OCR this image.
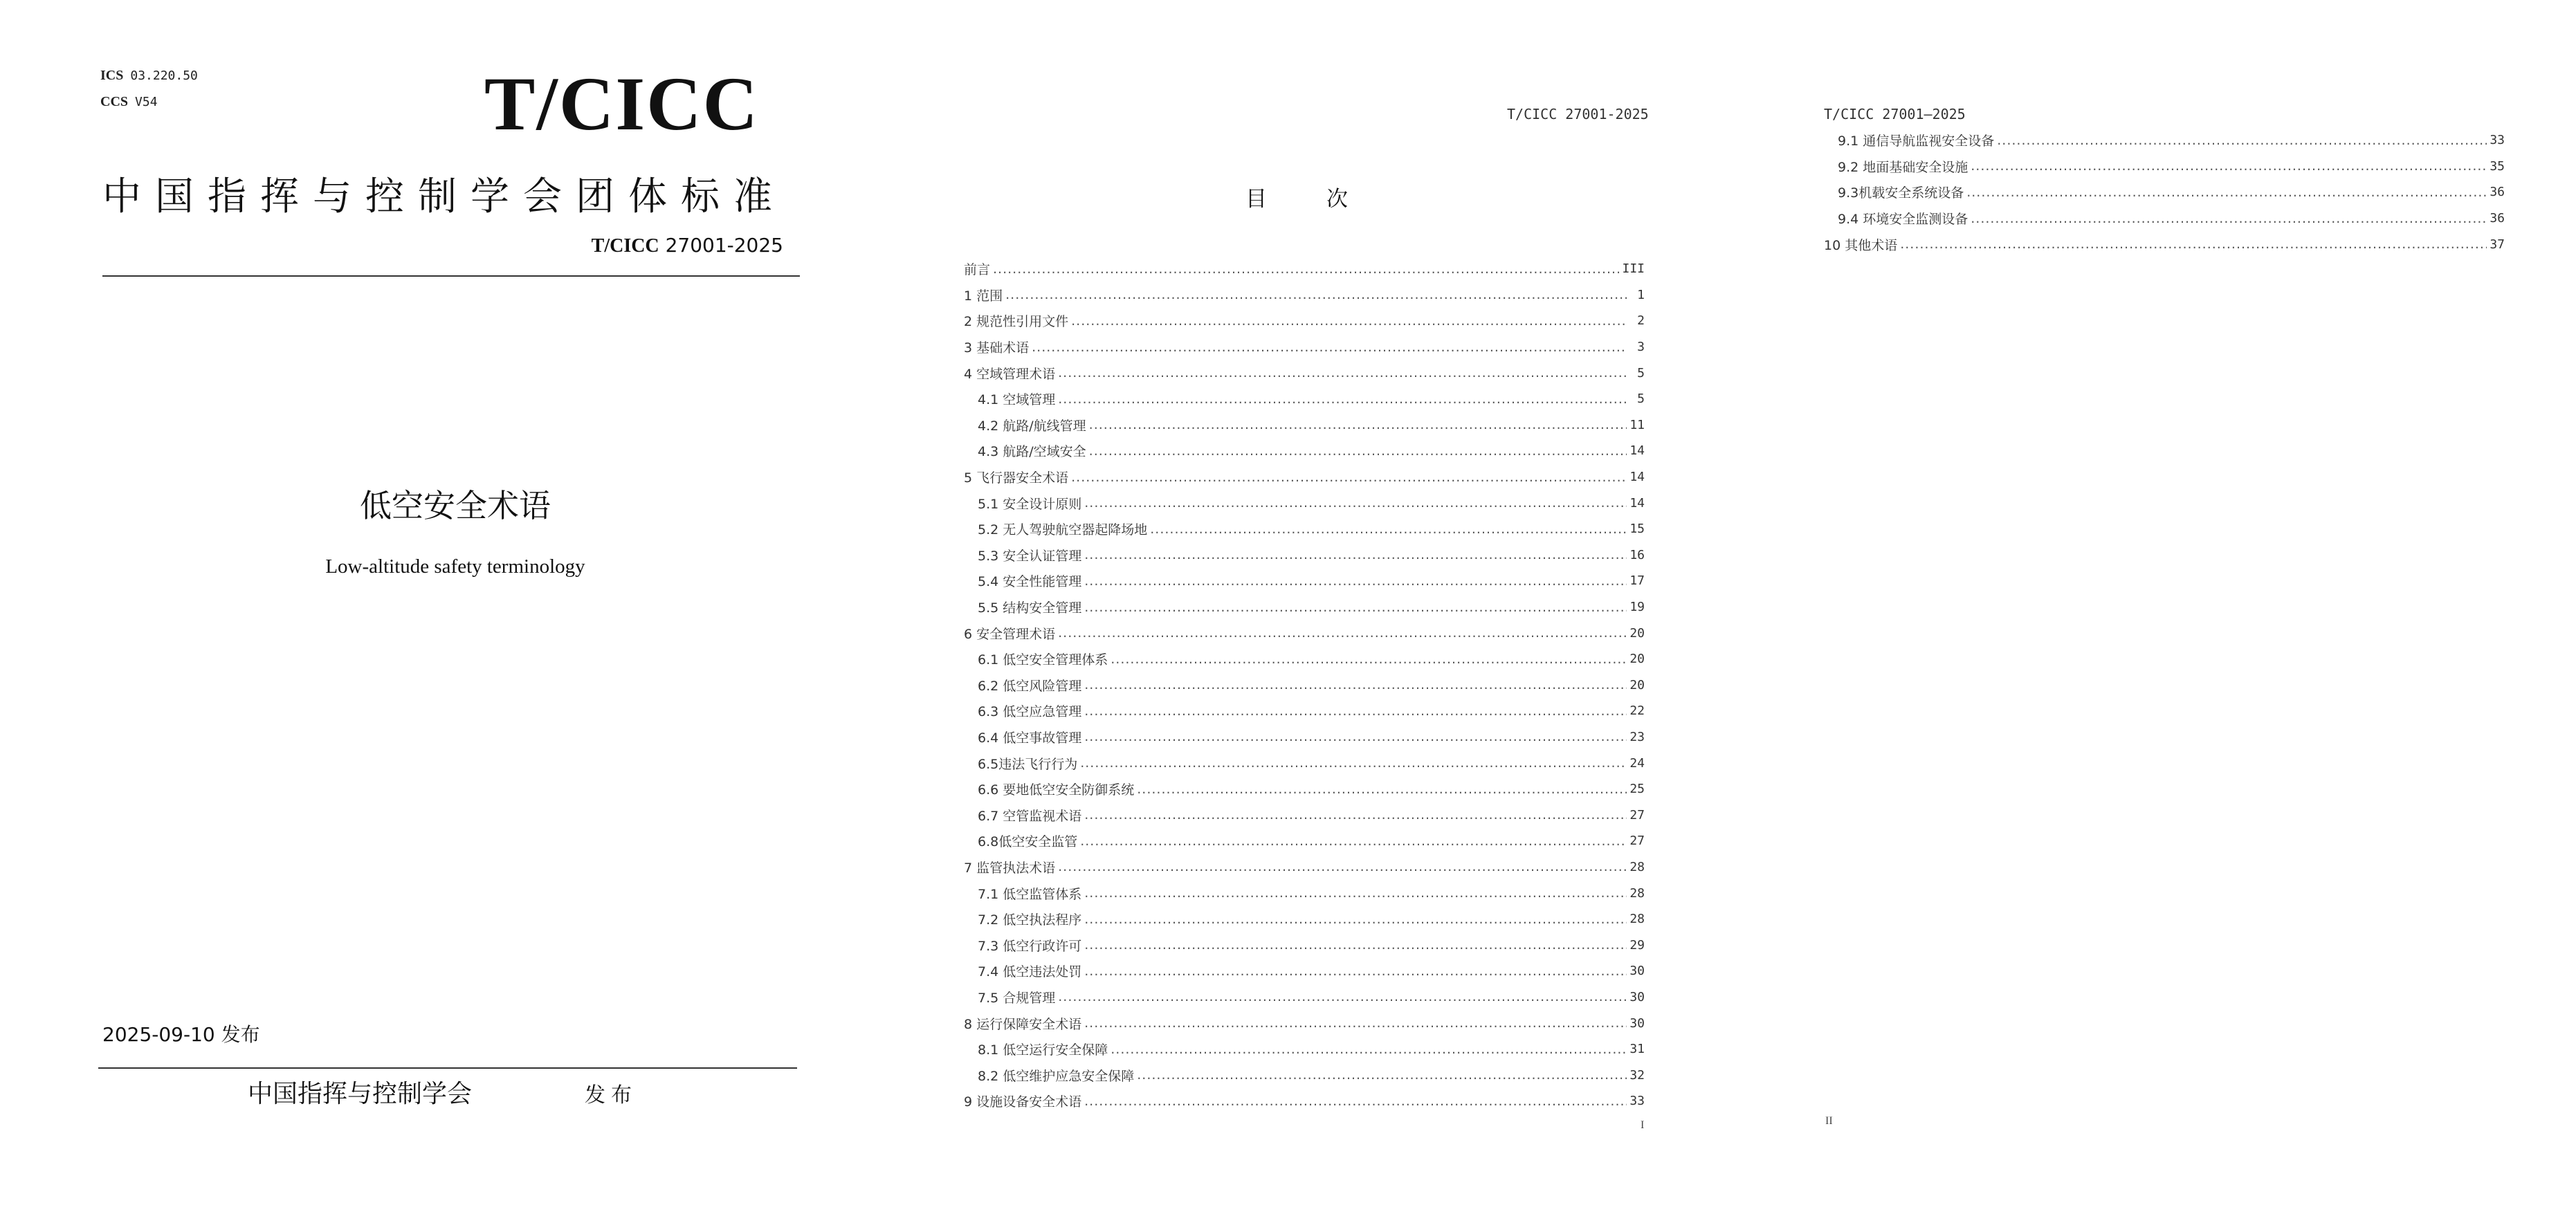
ICS 03.220.50
CCS V54	T/CICC
中国指挥与控制学会团体标准
T/CICC 27001-2025
低空安全术语
Low-altitude safety terminology
2025-09-10 发布
中国指挥与控制学会	发布
T/CICC 27001-2025
目	次
前言 .....	III
1 范围 .....	1
2 规范性引用文件 .....	2
3 基础术语 .....	3
4 空域管理术语 .....	5
4.1 空域管理 .....	5
4.2 航路/航线管理 .....	11
4.3 航路/空域安全 .....	14
5 飞行器安全术语 .....	14
5.1 安全设计原则 .....	14
5.2 无人驾驶航空器起降场地 .....	15
5.3 安全认证管理 .....	16
5.4 安全性能管理 .....	17
5.5 结构安全管理 .....	19
6 安全管理术语 .....	20
6.1 低空安全管理体系 .....	20
6.2 低空风险管理 .....	20
6.3 低空应急管理 .....	22
6.4 低空事故管理 .....	23
6.5违法飞行行为 .....	24
6.6 要地低空安全防御系统 .....	25
6.7 空管监视术语 .....	27
6.8低空安全监管 .....	27
7 监管执法术语 .....	28
7.1 低空监管体系 .....	28
7.2 低空执法程序 .....	28
7.3 低空行政许可 .....	29
7.4 低空违法处罚 .....	30
7.5 合规管理 .....	30
8 运行保障安全术语 .....	30
8.1 低空运行安全保障 .....	31
8.2 低空维护应急安全保障 .....	32
9 设施设备安全术语 .....	33
I
T/CICC 27001—2025
9.1 通信导航监视安全设备 .....	33
9.2 地面基础安全设施 .....	35
9.3机载安全系统设备 .....	36
9.4 环境安全监测设备 .....	36
10 其他术语 .....	37
II
